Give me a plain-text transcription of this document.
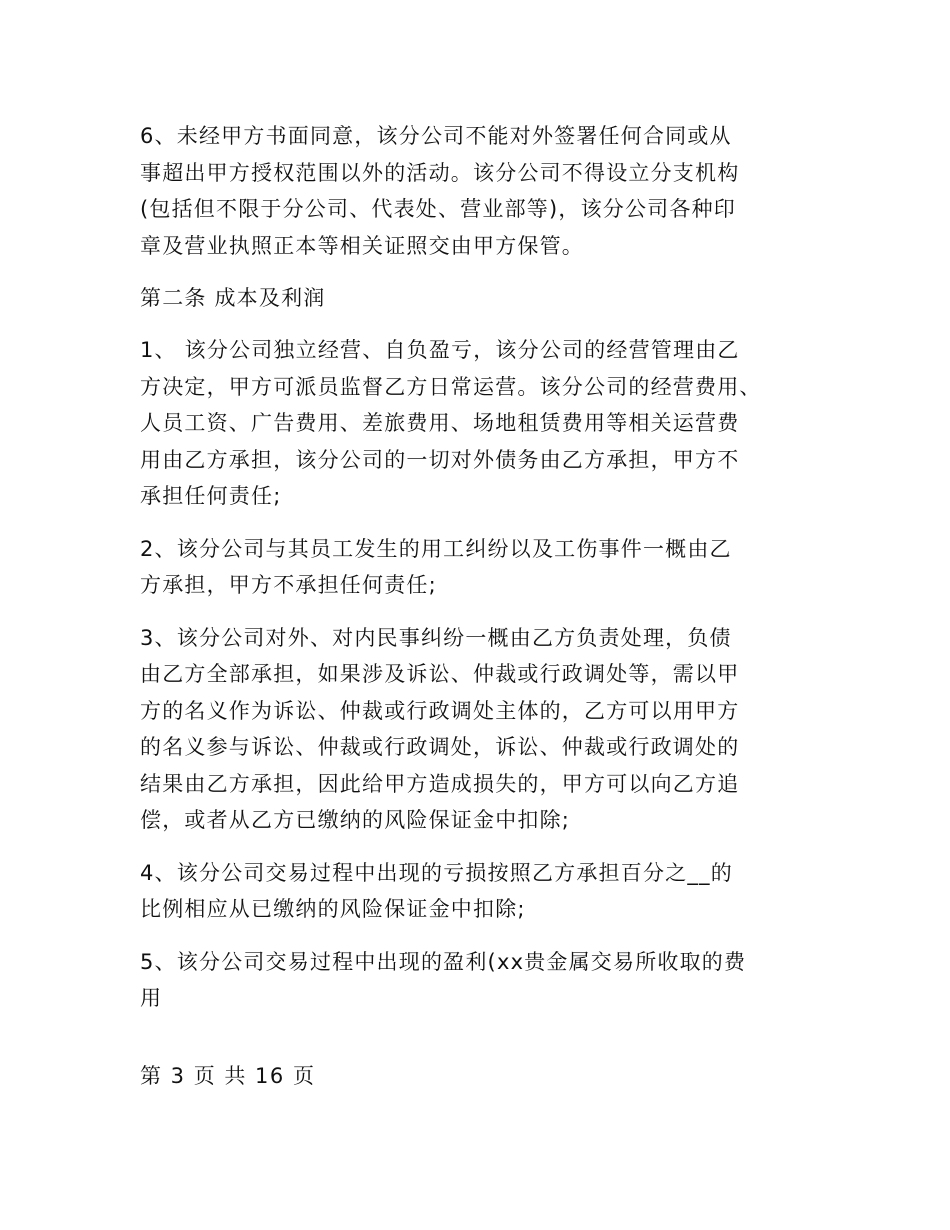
6、未经甲方书面同意，该分公司不能对外签署任何合同或从
事超出甲方授权范围以外的活动。该分公司不得设立分支机构
(包括但不限于分公司、代表处、营业部等)，该分公司各种印
章及营业执照正本等相关证照交由甲方保管。

第二条 成本及利润

1、 该分公司独立经营、自负盈亏，该分公司的经营管理由乙
方决定，甲方可派员监督乙方日常运营。该分公司的经营费用、
人员工资、广告费用、差旅费用、场地租赁费用等相关运营费
用由乙方承担，该分公司的一切对外债务由乙方承担，甲方不
承担任何责任;

2、该分公司与其员工发生的用工纠纷以及工伤事件一概由乙
方承担，甲方不承担任何责任;

3、该分公司对外、对内民事纠纷一概由乙方负责处理，负债
由乙方全部承担，如果涉及诉讼、仲裁或行政调处等，需以甲
方的名义作为诉讼、仲裁或行政调处主体的，乙方可以用甲方
的名义参与诉讼、仲裁或行政调处，诉讼、仲裁或行政调处的
结果由乙方承担，因此给甲方造成损失的，甲方可以向乙方追
偿，或者从乙方已缴纳的风险保证金中扣除;

4、该分公司交易过程中出现的亏损按照乙方承担百分之__的
比例相应从已缴纳的风险保证金中扣除;

5、该分公司交易过程中出现的盈利(xx贵金属交易所收取的费
用

第 3 页 共 16 页
